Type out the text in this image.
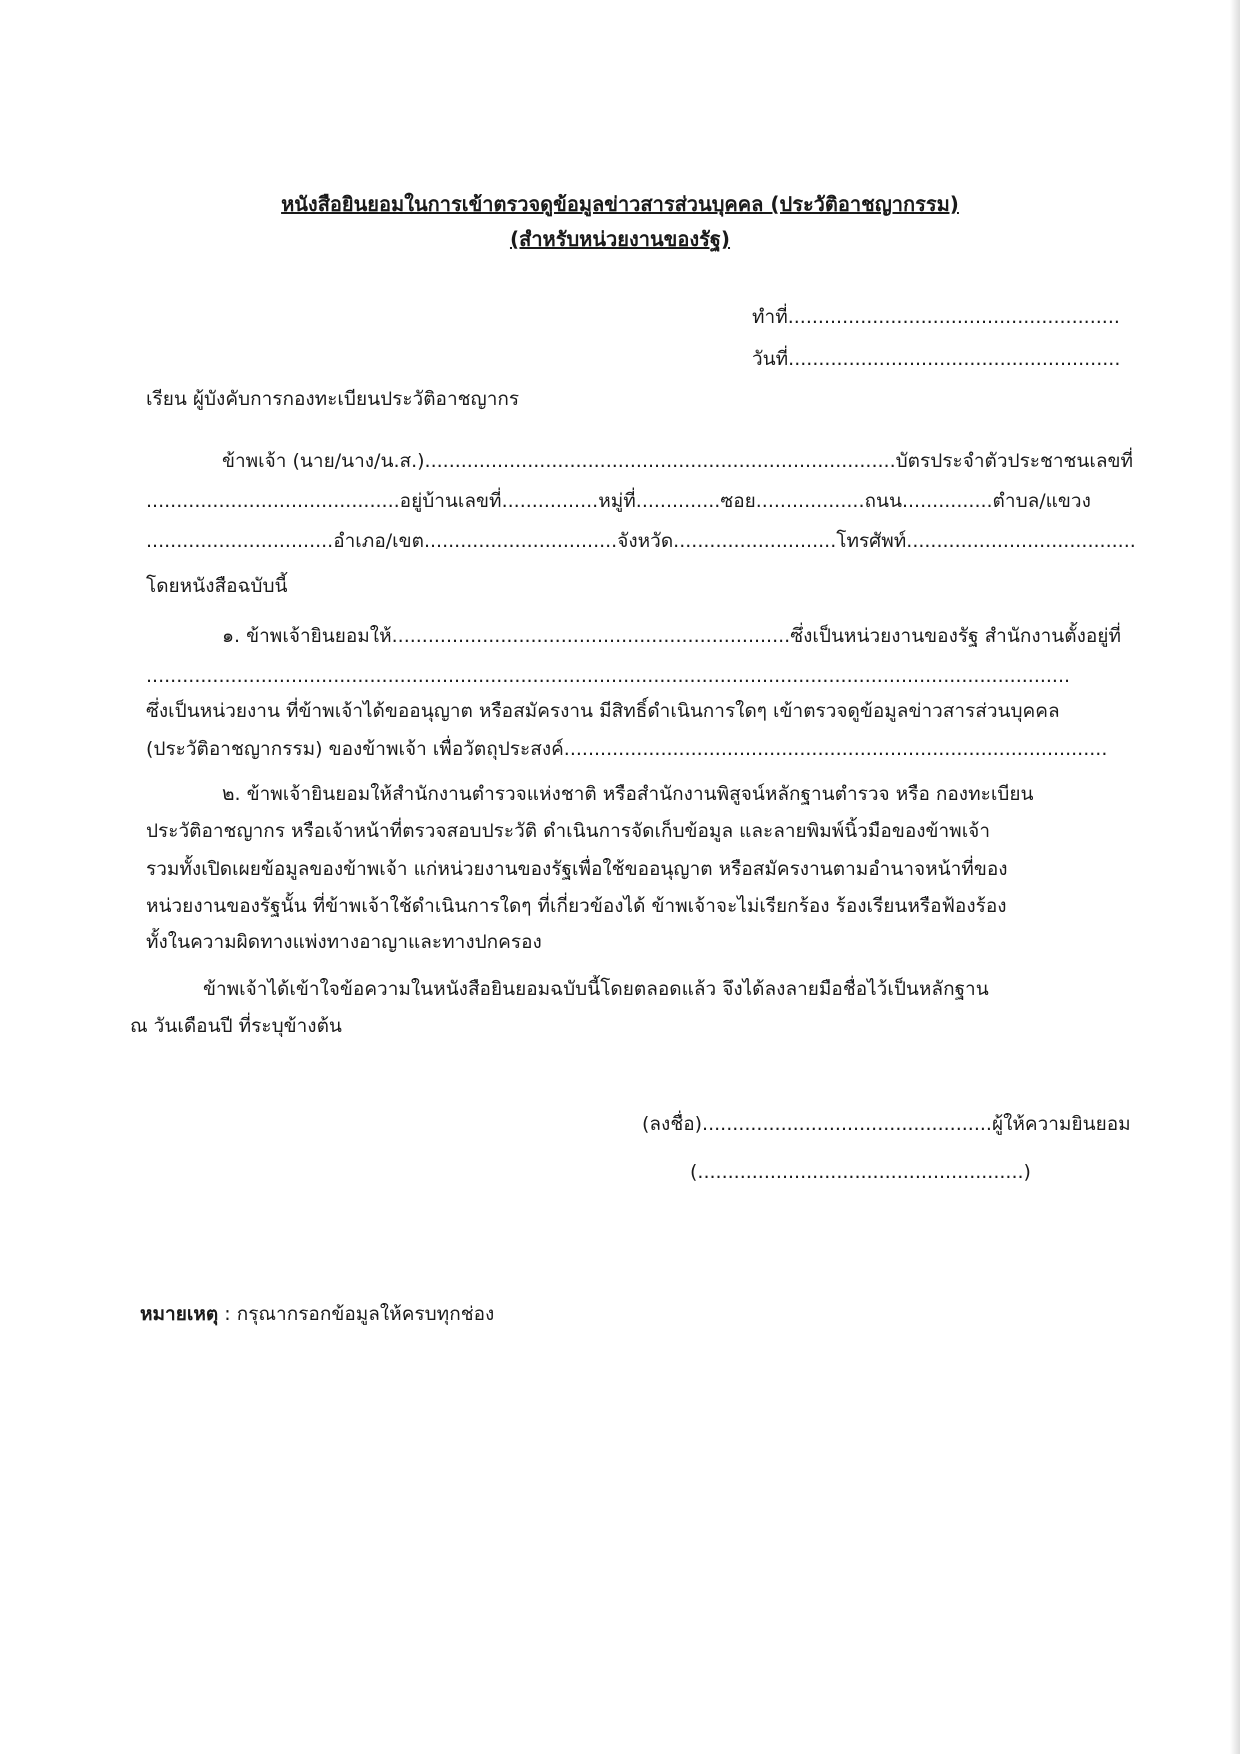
หนังสือยินยอมในการเข้าตรวจดูข้อมูลข่าวสารส่วนบุคคล (ประวัติอาชญากรรม)
(สำหรับหน่วยงานของรัฐ)
ทำที่.......................................................
วันที่.......................................................
เรียน ผู้บังคับการกองทะเบียนประวัติอาชญากร
ข้าพเจ้า (นาย/นาง/น.ส.)..............................................................................บัตรประจำตัวประชาชนเลขที่
..........................................อยู่บ้านเลขที่................หมู่ที่..............ซอย..................ถนน...............ตำบล/แขวง
...............................อำเภอ/เขต................................จังหวัด...........................โทรศัพท์......................................
โดยหนังสือฉบับนี้
๑. ข้าพเจ้ายินยอมให้..................................................................ซึ่งเป็นหน่วยงานของรัฐ สำนักงานตั้งอยู่ที่
.........................................................................................................................................................
ซึ่งเป็นหน่วยงาน ที่ข้าพเจ้าได้ขออนุญาต หรือสมัครงาน มีสิทธิ์ดำเนินการใดๆ เข้าตรวจดูข้อมูลข่าวสารส่วนบุคคล
(ประวัติอาชญากรรม) ของข้าพเจ้า เพื่อวัตถุประสงค์..........................................................................................
๒. ข้าพเจ้ายินยอมให้สำนักงานตำรวจแห่งชาติ หรือสำนักงานพิสูจน์หลักฐานตำรวจ หรือ กองทะเบียน
ประวัติอาชญากร หรือเจ้าหน้าที่ตรวจสอบประวัติ ดำเนินการจัดเก็บข้อมูล และลายพิมพ์นิ้วมือของข้าพเจ้า
รวมทั้งเปิดเผยข้อมูลของข้าพเจ้า แก่หน่วยงานของรัฐเพื่อใช้ขออนุญาต หรือสมัครงานตามอำนาจหน้าที่ของ
หน่วยงานของรัฐนั้น ที่ข้าพเจ้าใช้ดำเนินการใดๆ ที่เกี่ยวข้องได้ ข้าพเจ้าจะไม่เรียกร้อง ร้องเรียนหรือฟ้องร้อง
ทั้งในความผิดทางแพ่งทางอาญาและทางปกครอง
ข้าพเจ้าได้เข้าใจข้อความในหนังสือยินยอมฉบับนี้โดยตลอดแล้ว จึงได้ลงลายมือชื่อไว้เป็นหลักฐาน
ณ วันเดือนปี ที่ระบุข้างต้น
(ลงชื่อ)................................................ผู้ให้ความยินยอม
(......................................................)
หมายเหตุ : กรุณากรอกข้อมูลให้ครบทุกช่อง
